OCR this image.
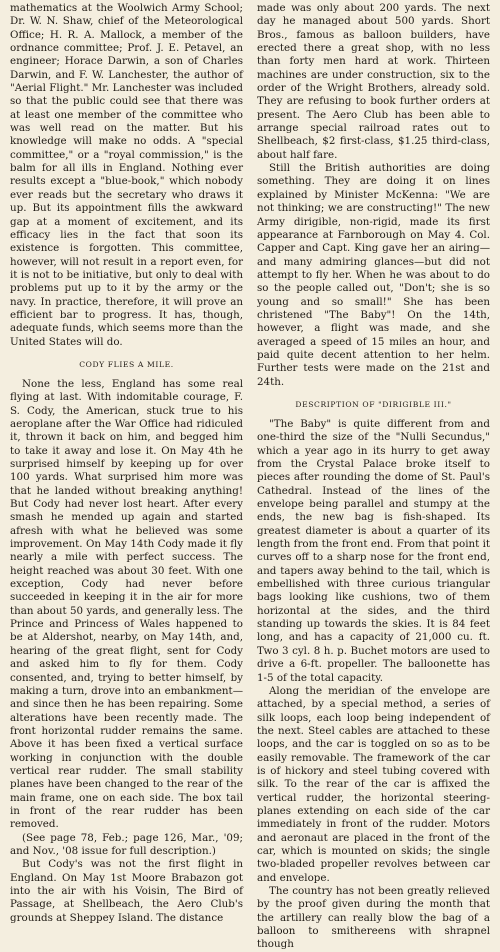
mathematics at the Woolwich Army School; Dr. W. N. Shaw, chief of the Meteorological Office; H. R. A. Mallock, a member of the ordnance committee; Prof. J. E. Petavel, an engineer; Horace Darwin, a son of Charles Darwin, and F. W. Lanchester, the author of "Aerial Flight." Mr. Lanchester was included so that the public could see that there was at least one member of the committee who was well read on the matter. But his knowledge will make no odds. A "special committee," or a "royal commission," is the balm for all ills in England. Nothing ever results except a "blue-book," which nobody ever reads but the secretary who draws it up. But its appointment fills the awkward gap at a moment of excitement, and its efficacy lies in the fact that soon its existence is forgotten. This committee, however, will not result in a report even, for it is not to be initiative, but only to deal with problems put up to it by the army or the navy. In practice, therefore, it will prove an efficient bar to progress. It has, though, adequate funds, which seems more than the United States will do.

CODY FLIES A MILE.

None the less, England has some real flying at last. With indomitable courage, F. S. Cody, the American, stuck true to his aeroplane after the War Office had ridiculed it, thrown it back on him, and begged him to take it away and lose it. On May 4th he surprised himself by keeping up for over 100 yards. What surprised him more was that he landed without breaking anything! But Cody had never lost heart. After every smash he mended up again and started afresh with what he believed was some improvement. On May 14th Cody made it fly nearly a mile with perfect success. The height reached was about 30 feet. With one exception, Cody had never before succeeded in keeping it in the air for more than about 50 yards, and generally less. The Prince and Princess of Wales happened to be at Aldershot, nearby, on May 14th, and, hearing of the great flight, sent for Cody and asked him to fly for them. Cody consented, and, trying to better himself, by making a turn, drove into an embankment—and since then he has been repairing. Some alterations have been recently made. The front horizontal rudder remains the same. Above it has been fixed a vertical surface working in conjunction with the double vertical rear rudder. The small stability planes have been changed to the rear of the main frame, one on each side. The box tail in front of the rear rudder has been removed.

(See page 78, Feb.; page 126, Mar., '09; and Nov., '08 issue for full description.)

But Cody's was not the first flight in England. On May 1st Moore Brabazon got into the air with his Voisin, The Bird of Passage, at Shellbeach, the Aero Club's grounds at Sheppey Island. The distance

made was only about 200 yards. The next day he managed about 500 yards. Short Bros., famous as balloon builders, have erected there a great shop, with no less than forty men hard at work. Thirteen machines are under construction, six to the order of the Wright Brothers, already sold. They are refusing to book further orders at present. The Aero Club has been able to arrange special railroad rates out to Shellbeach, $2 first-class, $1.25 third-class, about half fare.

Still the British authorities are doing something. They are doing it on lines explained by Minister McKenna: "We are not thinking; we are constructing!" The new Army dirigible, non-rigid, made its first appearance at Farnborough on May 4. Col. Capper and Capt. King gave her an airing—and many admiring glances—but did not attempt to fly her. When he was about to do so the people called out, "Don't; she is so young and so small!" She has been christened "The Baby"! On the 14th, however, a flight was made, and she averaged a speed of 15 miles an hour, and paid quite decent attention to her helm. Further tests were made on the 21st and 24th.

DESCRIPTION OF "DIRIGIBLE III."

"The Baby" is quite different from and one-third the size of the "Nulli Secundus," which a year ago in its hurry to get away from the Crystal Palace broke itself to pieces after rounding the dome of St. Paul's Cathedral. Instead of the lines of the envelope being parallel and stumpy at the ends, the new bag is fish-shaped. Its greatest diameter is about a quarter of its length from the front end. From that point it curves off to a sharp nose for the front end, and tapers away behind to the tail, which is embellished with three curious triangular bags looking like cushions, two of them horizontal at the sides, and the third standing up towards the skies. It is 84 feet long, and has a capacity of 21,000 cu. ft. Two 3 cyl. 8 h. p. Buchet motors are used to drive a 6-ft. propeller. The balloonette has 1-5 of the total capacity.

Along the meridian of the envelope are attached, by a special method, a series of silk loops, each loop being independent of the next. Steel cables are attached to these loops, and the car is toggled on so as to be easily removable. The framework of the car is of hickory and steel tubing covered with silk. To the rear of the car is affixed the vertical rudder, the horizontal steering-planes extending on each side of the car immediately in front of the rudder. Motors and aeronaut are placed in the front of the car, which is mounted on skids; the single two-bladed propeller revolves between car and envelope.

The country has not been greatly relieved by the proof given during the month that the artillery can really blow the bag of a balloon to smithereens with shrapnel though
